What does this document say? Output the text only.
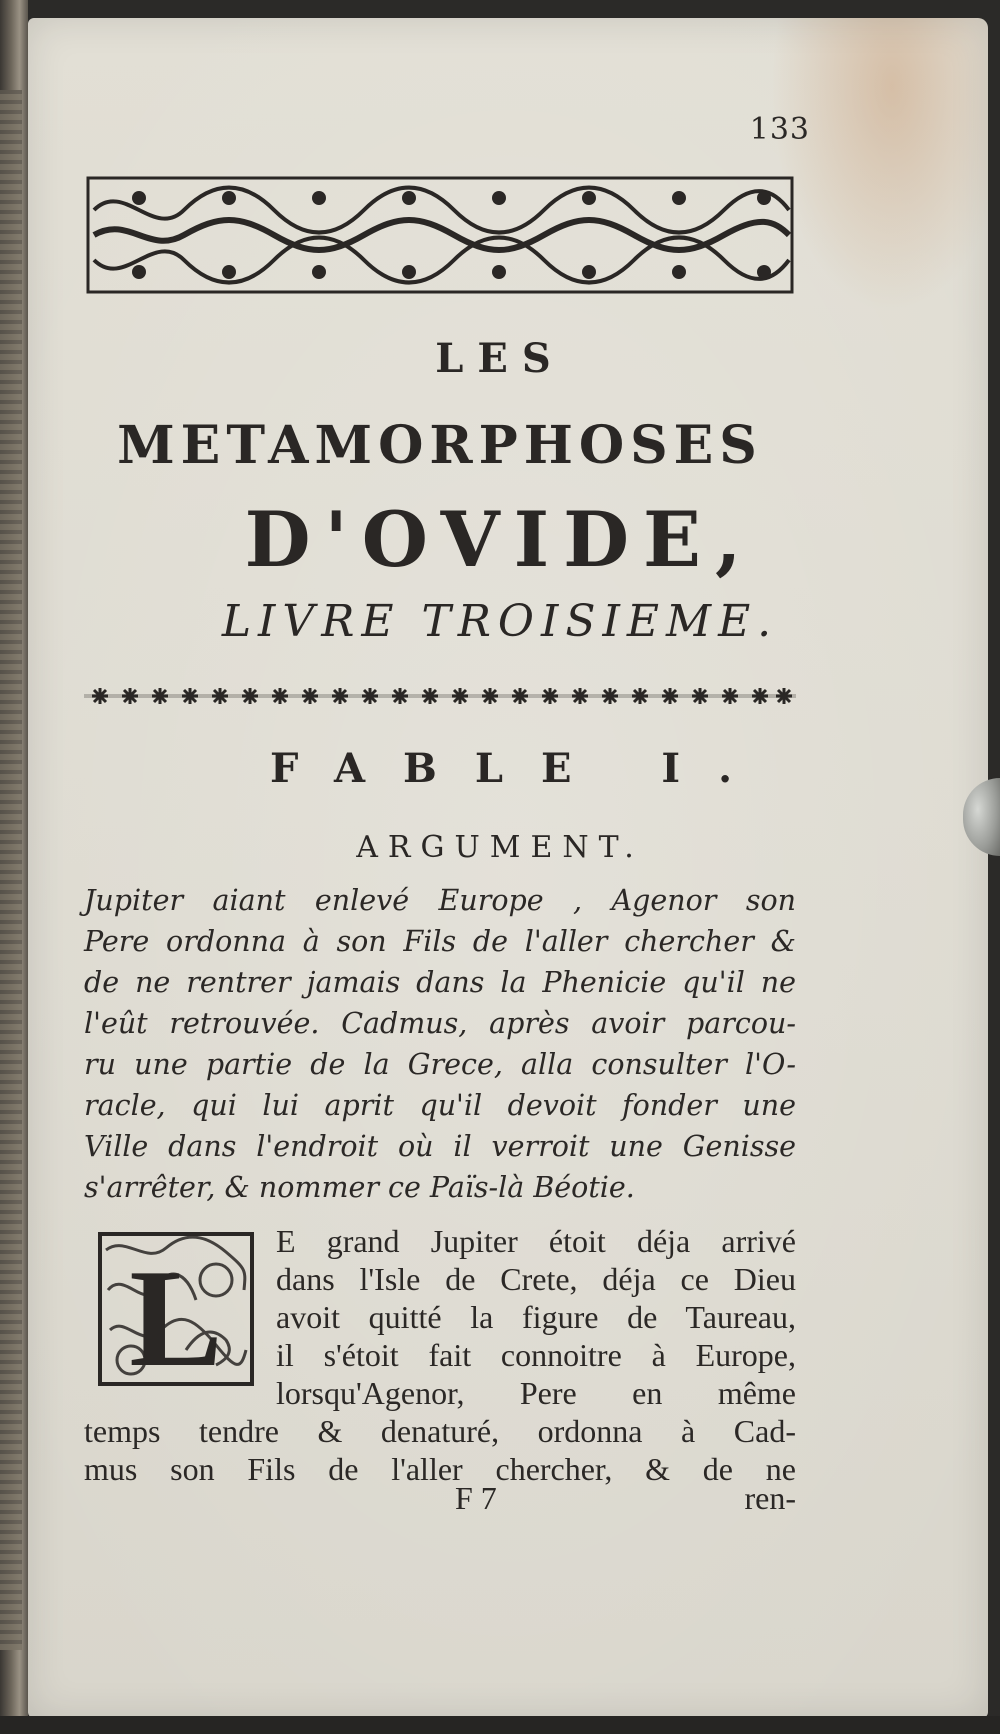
133
LES
METAMORPHOSES
D'OVIDE,
LIVRE TROISIEME.
FABLE I.
ARGUMENT.
Jupiter aiant enlevé Europe , Agenor son
Pere ordonna à son Fils de l'aller chercher &
de ne rentrer jamais dans la Phenicie qu'il ne
l'eût retrouvée. Cadmus, après avoir parcou-
ru une partie de la Grece, alla consulter l'O-
racle, qui lui aprit qu'il devoit fonder une
Ville dans l'endroit où il verroit une Genisse
s'arrêter, & nommer ce Païs-là Béotie.
L	E grand Jupiter étoit déja arrivé
dans l'Isle de Crete, déja ce Dieu
avoit quitté la figure de Taureau,
il s'étoit fait connoitre à Europe,
lorsqu'Agenor, Pere en même
temps tendre & denaturé, ordonna à Cad-
mus son Fils de l'aller chercher, & de ne
F 7	ren-
